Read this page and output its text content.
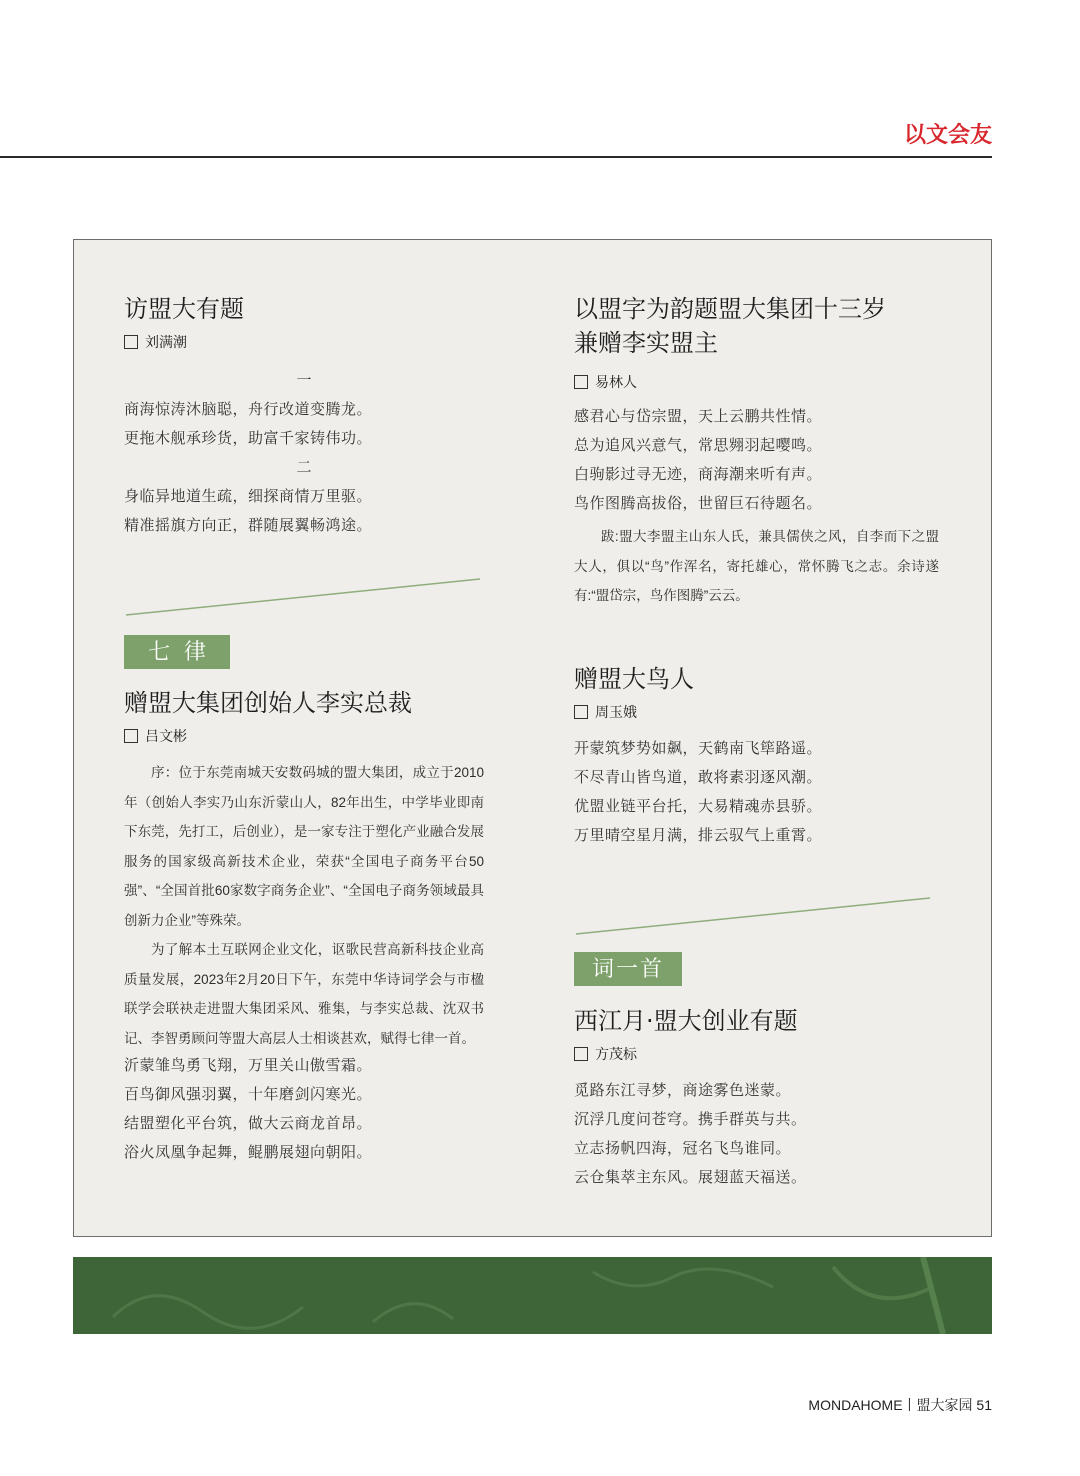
以文会友
访盟大有题
刘满潮
一
商海惊涛沐脑聪，舟行改道变腾龙。
更拖木舰承珍货，助富千家铸伟功。
二
身临异地道生疏，细探商情万里驱。
精准摇旗方向正，群随展翼畅鸿途。
七律
赠盟大集团创始人李实总裁
吕文彬

序：位于东莞南城天安数码城的盟大集团，成立于2010年（创始人李实乃山东沂蒙山人，82年出生，中学毕业即南下东莞，先打工，后创业），是一家专注于塑化产业融合发展服务的国家级高新技术企业，荣获“全国电子商务平台50强”、“全国首批60家数字商务企业”、“全国电子商务领域最具创新力企业”等殊荣。

为了解本土互联网企业文化，讴歌民营高新科技企业高质量发展，2023年2月20日下午，东莞中华诗词学会与市楹联学会联袂走进盟大集团采风、雅集，与李实总裁、沈双书记、李智勇顾问等盟大高层人士相谈甚欢，赋得七律一首。

沂蒙雏鸟勇飞翔，万里关山傲雪霜。
百鸟御风强羽翼，十年磨剑闪寒光。
结盟塑化平台筑，做大云商龙首昂。
浴火凤凰争起舞，鲲鹏展翅向朝阳。
以盟字为韵题盟大集团十三岁
兼赠李实盟主
易林人
感君心与岱宗盟，天上云鹏共性情。
总为追风兴意气，常思翙羽起嘤鸣。
白驹影过寻无迹，商海潮来听有声。
鸟作图腾高拔俗，世留巨石待题名。

跋:盟大李盟主山东人氏，兼具儒侠之风，自李而下之盟大人，俱以“鸟”作浑名，寄托雄心，常怀腾飞之志。余诗遂有:“盟岱宗，鸟作图腾”云云。

赠盟大鸟人
周玉娥
开蒙筑梦势如飙，天鹤南飞筚路遥。
不尽青山皆鸟道，敢将素羽逐风潮。
优盟业链平台托，大易精魂赤县骄。
万里晴空星月满，排云驭气上重霄。
词一首
西江月·盟大创业有题
方茂标
觅路东江寻梦，商途雾色迷蒙。
沉浮几度问苍穹。携手群英与共。
立志扬帆四海，冠名飞鸟谁同。
云仓集萃主东风。展翅蓝天福送。
MONDAHOME丨盟大家园 51
